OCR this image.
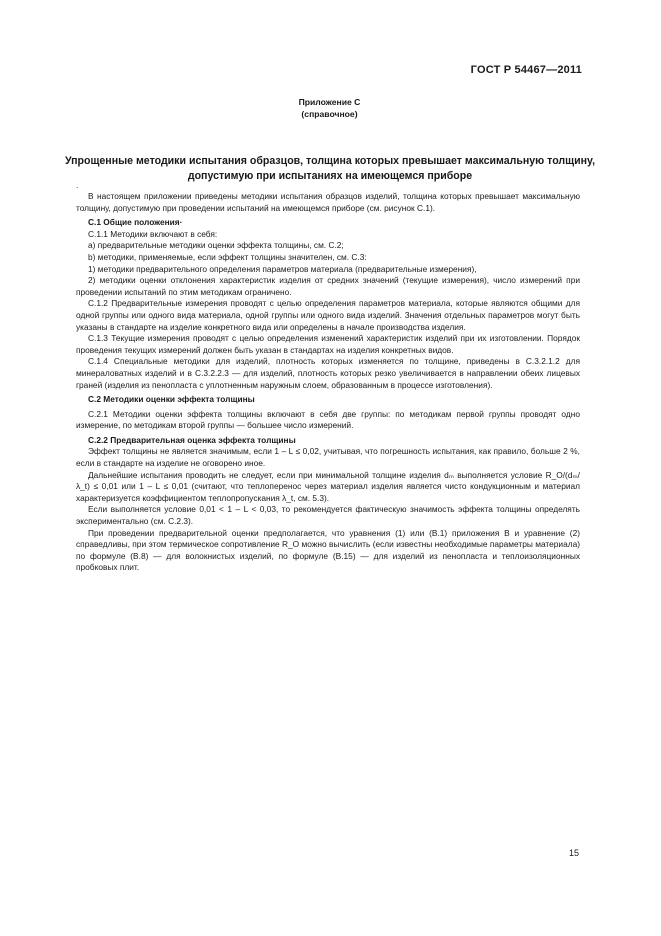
ГОСТ Р 54467—2011
Приложение С
(справочное)
Упрощенные методики испытания образцов, толщина которых превышает максимальную толщину, допустимую при испытаниях на имеющемся приборе

.

В настоящем приложении приведены методики испытания образцов изделий, толщина которых превышает максимальную толщину, допустимую при проведении испытаний на имеющемся приборе (см. рисунок С.1).

С.1 Общие положения·

С.1.1 Методики включают в себя:

а) предварительные методики оценки эффекта толщины, см. С.2;

b) методики, применяемые, если эффект толщины значителен, см. С.3:

1) методики предварительного определения параметров материала (предварительные измерения),

2) методики оценки отклонения характеристик изделия от средних значений (текущие измерения), число измерений при проведении испытаний по этим методикам ограничено.

С.1.2 Предварительные измерения проводят с целью определения параметров материала, которые являются общими для одной группы или одного вида материала, одной группы или одного вида изделий. Значения отдельных параметров могут быть указаны в стандарте на изделие конкретного вида или определены в начале производства изделия.

С.1.3 Текущие измерения проводят с целью определения изменений характеристик изделий при их изготовлении. Порядок проведения текущих измерений должен быть указан в стандартах на изделия конкретных видов.

С.1.4 Специальные методики для изделий, плотность которых изменяется по толщине, приведены в С.3.2.1.2 для минераловатных изделий и в С.3.2.2.3 — для изделий, плотность которых резко увеличивается в направлении обеих лицевых граней (изделия из пенопласта с уплотненным наружным слоем, образованным в процессе изготовления).

С.2 Методики оценки эффекта толщины

С.2.1 Методики оценки эффекта толщины включают в себя две группы: по методикам первой группы проводят одно измерение, по методикам второй группы — большее число измерений.

С.2.2 Предварительная оценка эффекта толщины

Эффект толщины не является значимым, если 1 – L ≤ 0,02, учитывая, что погрешность испытания, как правило, больше 2 %, если в стандарте на изделие не оговорено иное.

Дальнейшие испытания проводить не следует, если при минимальной толщине изделия dₘ выполняется условие R_O/(dₘ/λ_t) ≤ 0,01 или 1 – L ≤ 0,01 (считают, что теплоперенос через материал изделия является чисто кондукционным и материал характеризуется коэффициентом теплопропускания λ_t, см. 5.3).

Если выполняется условие 0,01 < 1 – L < 0,03, то рекомендуется фактическую значимость эффекта толщины определять экспериментально (см. С.2.3).

При проведении предварительной оценки предполагается, что уравнения (1) или (В.1) приложения В и уравнение (2) справедливы, при этом термическое сопротивление R_O можно вычислить (если известны необходимые параметры материала) по формуле (В.8) — для волокнистых изделий, по формуле (В.15) — для изделий из пенопласта и теплоизоляционных пробковых плит.

15
